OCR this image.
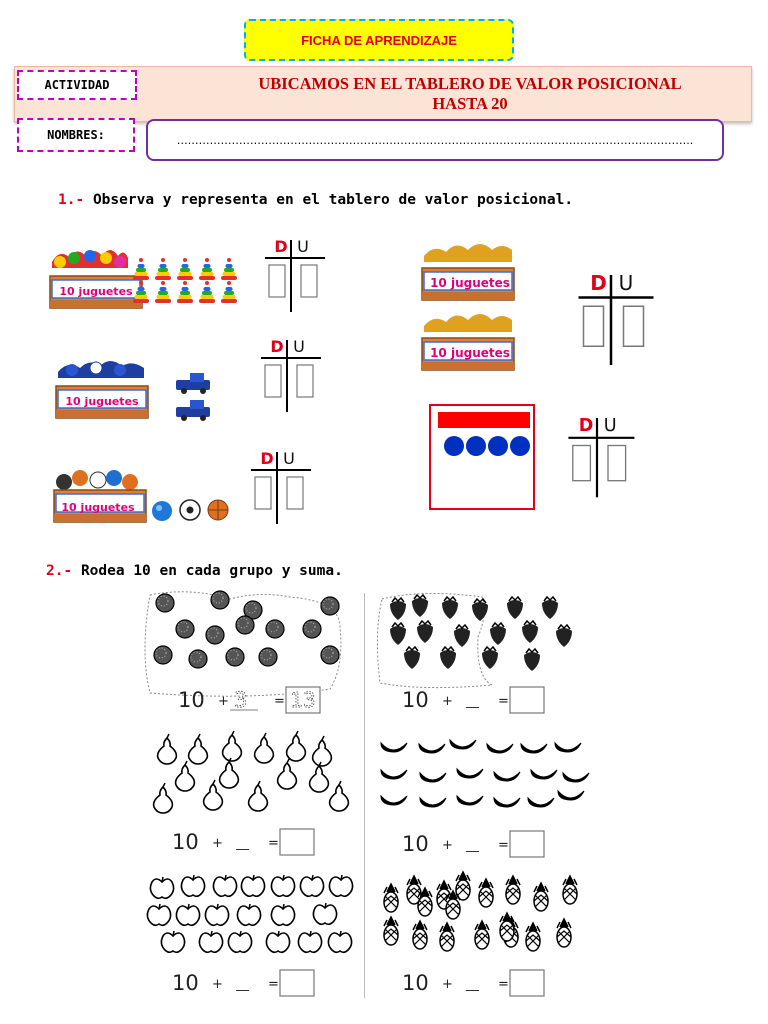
FICHA DE APRENDIZAJE
ACTIVIDAD	UBICAMOS EN EL TABLERO DE VALOR POSICIONAL
HASTA 20
NOMBRES:	….………………………………………………………………………………………………………………………..
1.- Observa y representa en el tablero de valor posicional.
10 juguetes
10 juguetes
10 juguetes
10 juguetes
10 juguetes
D U
D U
D U
D U
D U
2.- Rodea 10 en cada grupo y suma.
10 + 3 = 13	10 + __ =
10 + __ =	10 + __ =
10 + __ =	10 + __ =
